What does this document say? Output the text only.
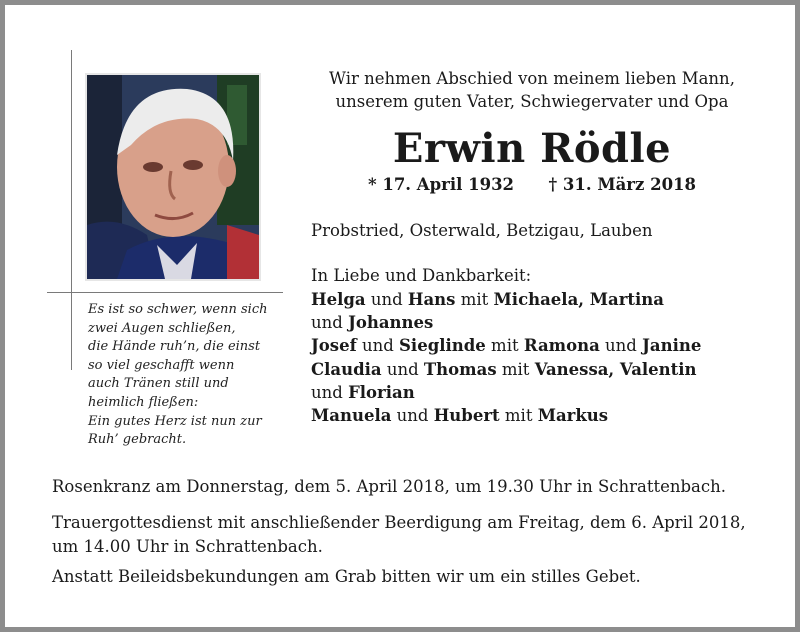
Es ist so schwer, wenn sich
zwei Augen schließen,
die Hände ruh’n, die einst
so viel geschafft wenn
auch Tränen still und
heimlich fließen:
Ein gutes Herz ist nun zur
Ruh’ gebracht.
Wir nehmen Abschied von meinem lieben Mann,
unserem guten Vater, Schwiegervater und Opa
Erwin Rödle
* 17. April 1932 † 31. März 2018
Probstried, Osterwald, Betzigau, Lauben
In Liebe und Dankbarkeit:
Helga und Hans mit Michaela, Martina
und Johannes
Josef und Sieglinde mit Ramona und Janine
Claudia und Thomas mit Vanessa, Valentin
und Florian
Manuela und Hubert mit Markus
Rosenkranz am Donnerstag, dem 5. April 2018, um 19.30 Uhr in Schrattenbach.
Trauergottesdienst mit anschließender Beerdigung am Freitag, dem 6. April 2018,
um 14.00 Uhr in Schrattenbach.
Anstatt Beileidsbekundungen am Grab bitten wir um ein stilles Gebet.
